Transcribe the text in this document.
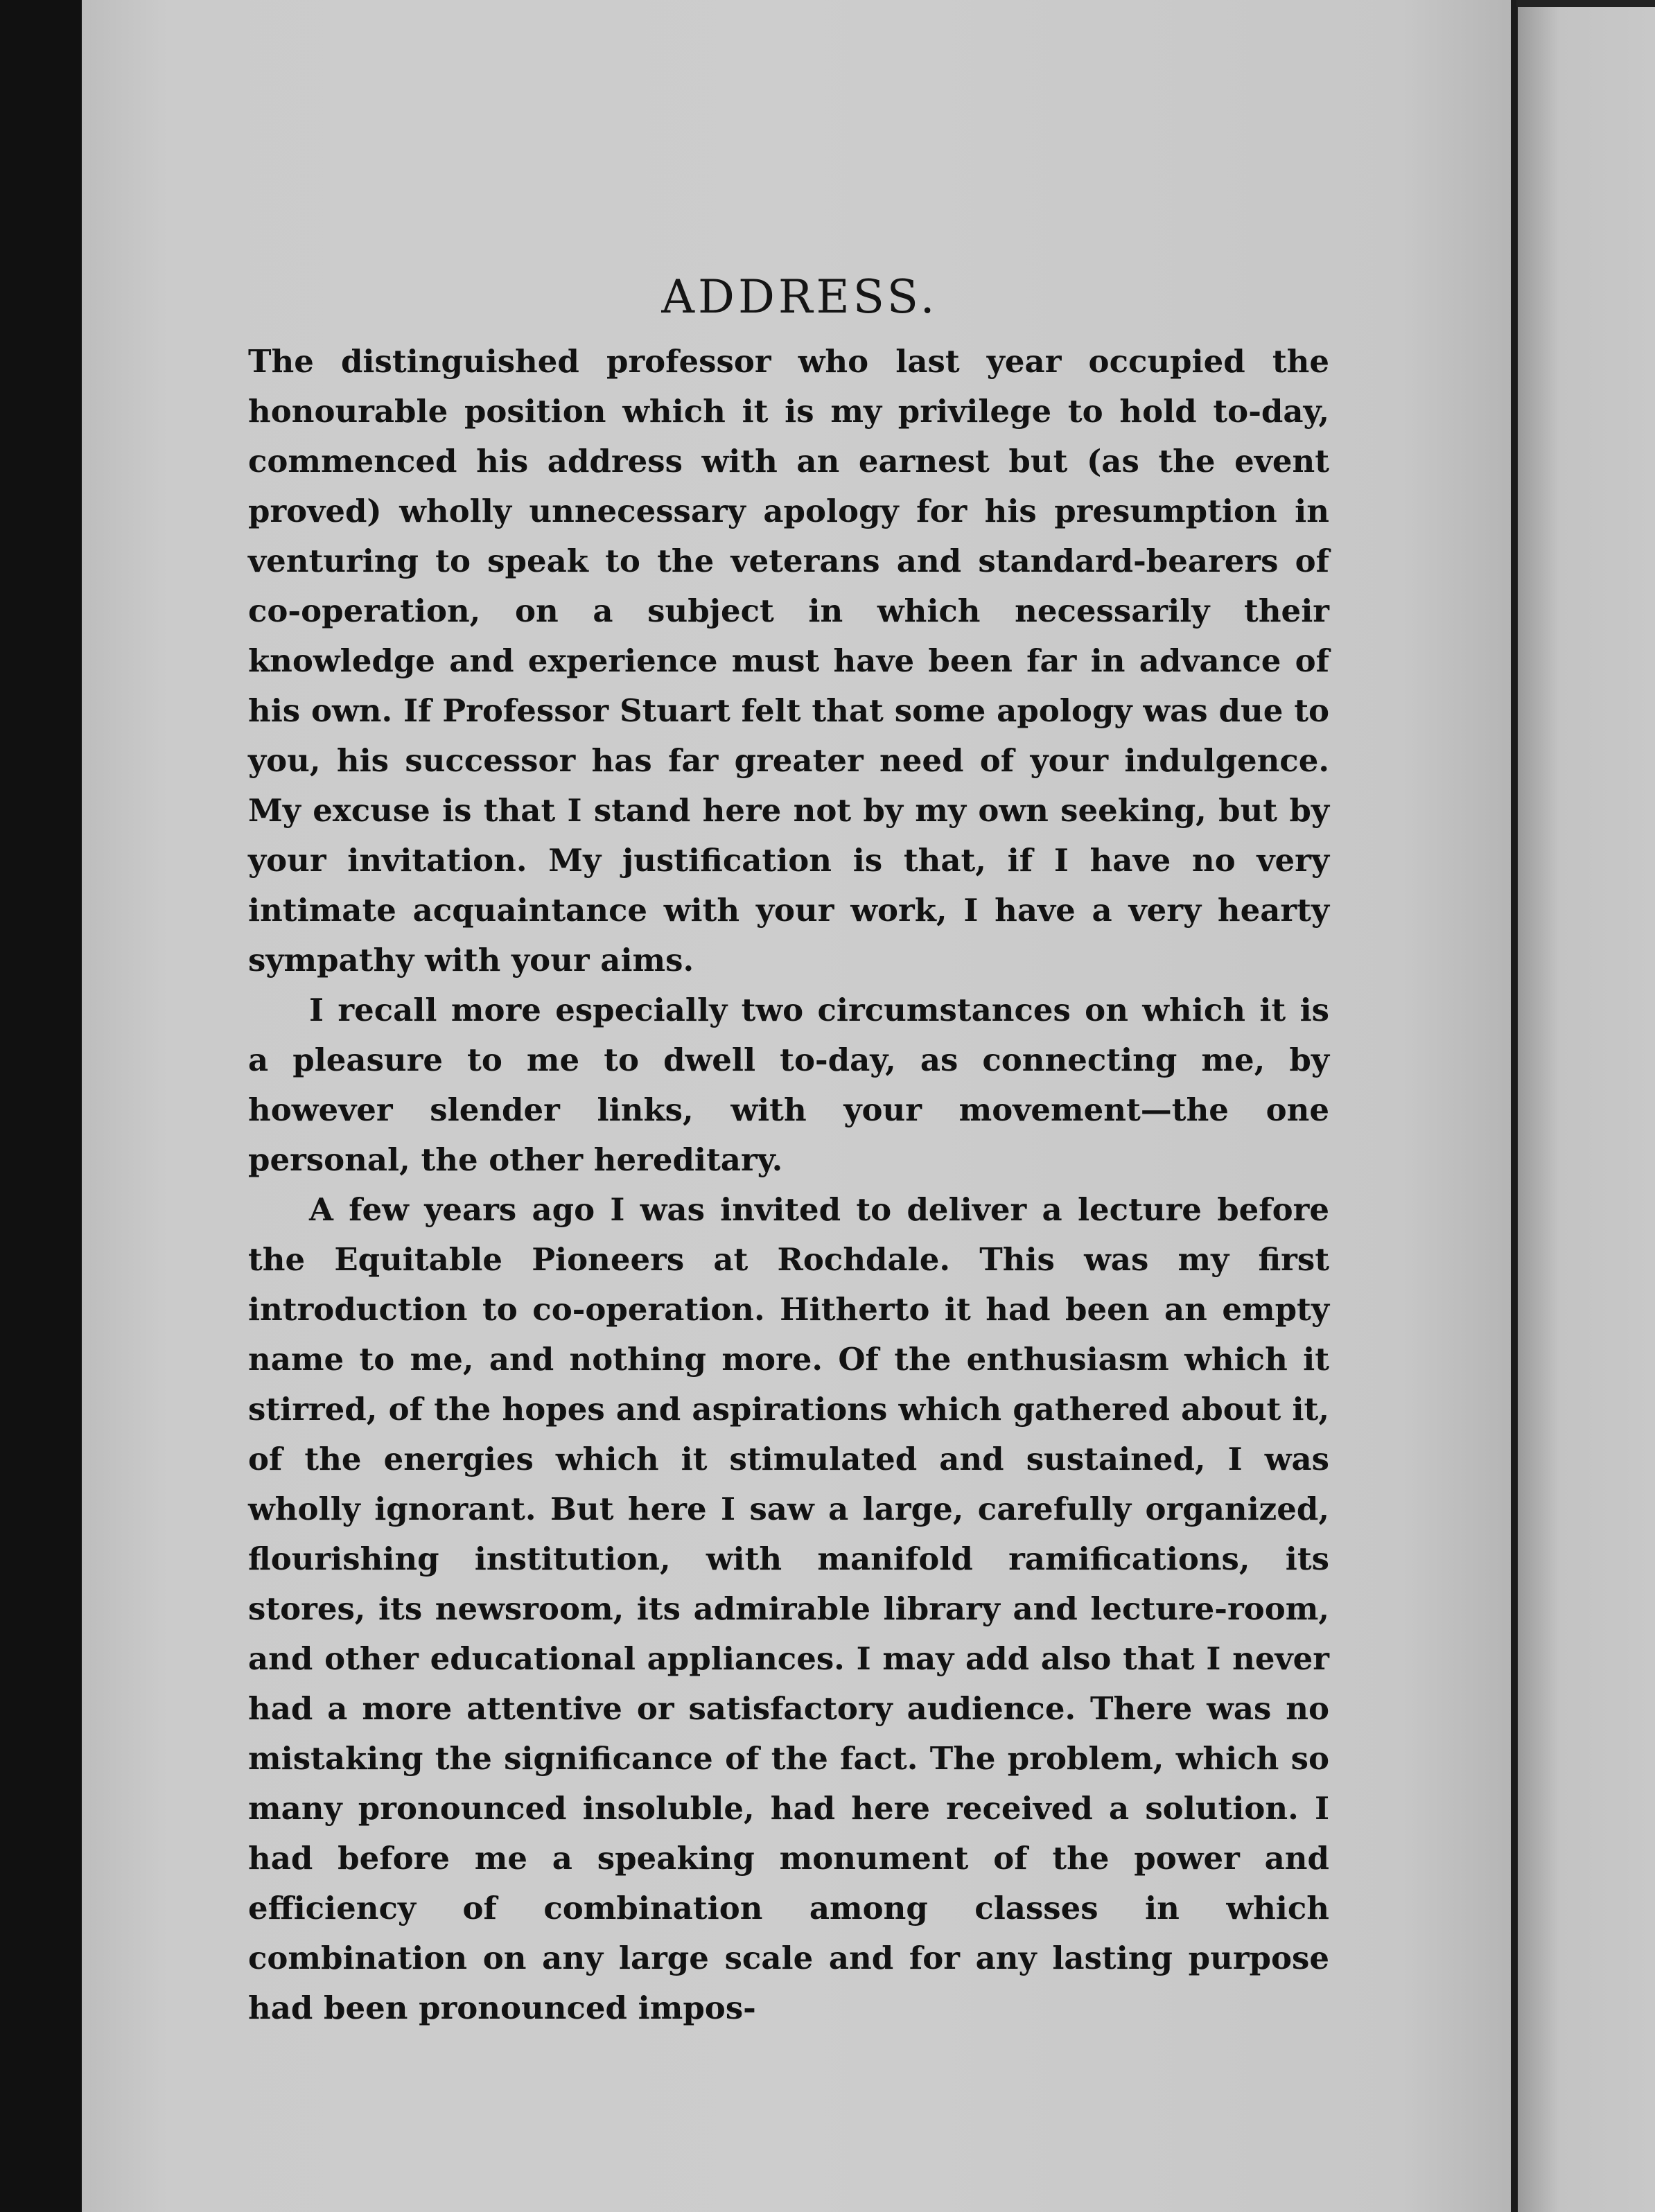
ADDRESS.

The distinguished professor who last year occupied the honourable position which it is my privilege to hold to-day, commenced his address with an earnest but (as the event proved) wholly unnecessary apology for his presumption in venturing to speak to the veterans and standard-bearers of co-operation, on a subject in which necessarily their knowledge and experience must have been far in advance of his own. If Professor Stuart felt that some apology was due to you, his successor has far greater need of your indulgence. My excuse is that I stand here not by my own seeking, but by your invitation. My justification is that, if I have no very intimate acquaintance with your work, I have a very hearty sympathy with your aims.

I recall more especially two circumstances on which it is a pleasure to me to dwell to-day, as connecting me, by however slender links, with your movement—the one personal, the other hereditary.

A few years ago I was invited to deliver a lecture before the Equitable Pioneers at Rochdale. This was my first introduction to co-operation. Hitherto it had been an empty name to me, and nothing more. Of the enthusiasm which it stirred, of the hopes and aspirations which gathered about it, of the energies which it stimulated and sustained, I was wholly ignorant. But here I saw a large, carefully organized, flourishing institution, with manifold ramifications, its stores, its newsroom, its admirable library and lecture-room, and other educational appliances. I may add also that I never had a more attentive or satisfactory audience. There was no mistaking the significance of the fact. The problem, which so many pronounced insoluble, had here received a solution. I had before me a speaking monument of the power and efficiency of combination among classes in which combination on any large scale and for any lasting purpose had been pronounced impos-
